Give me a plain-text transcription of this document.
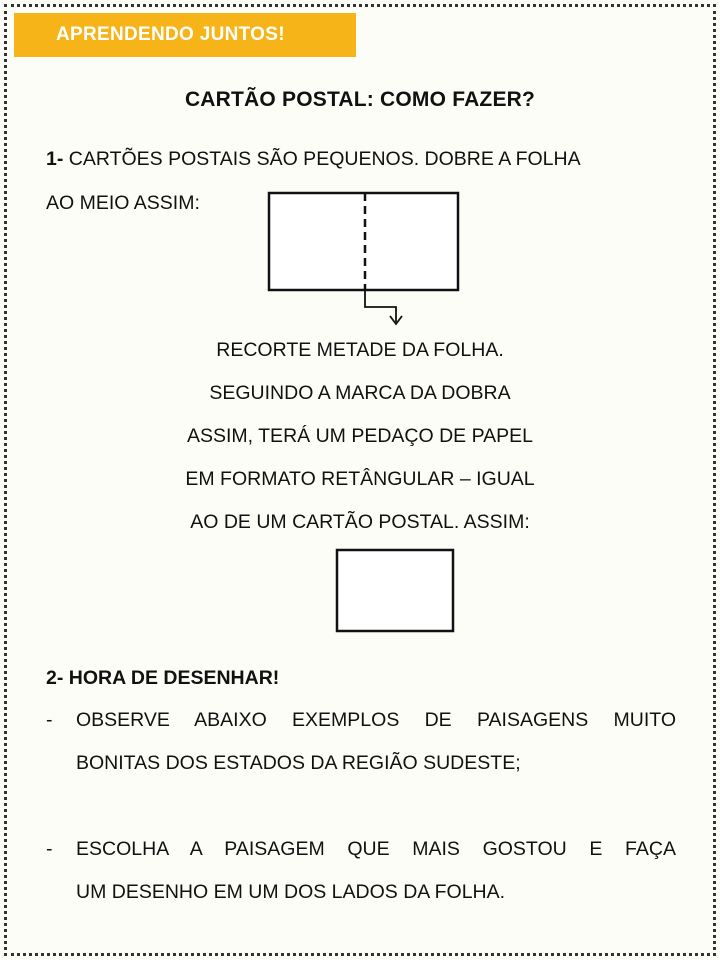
APRENDENDO JUNTOS!
CARTÃO POSTAL: COMO FAZER?
1- CARTÕES POSTAIS SÃO PEQUENOS. DOBRE A FOLHA
AO MEIO ASSIM:
RECORTE METADE DA FOLHA.
SEGUINDO A MARCA DA DOBRA
ASSIM, TERÁ UM PEDAÇO DE PAPEL
EM FORMATO RETÂNGULAR – IGUAL
AO DE UM CARTÃO POSTAL. ASSIM:
2- HORA DE DESENHAR!
- OBSERVE ABAIXO EXEMPLOS DE PAISAGENS MUITO
BONITAS DOS ESTADOS DA REGIÃO SUDESTE;
- ESCOLHA A PAISAGEM QUE MAIS GOSTOU E FAÇA
UM DESENHO EM UM DOS LADOS DA FOLHA.
